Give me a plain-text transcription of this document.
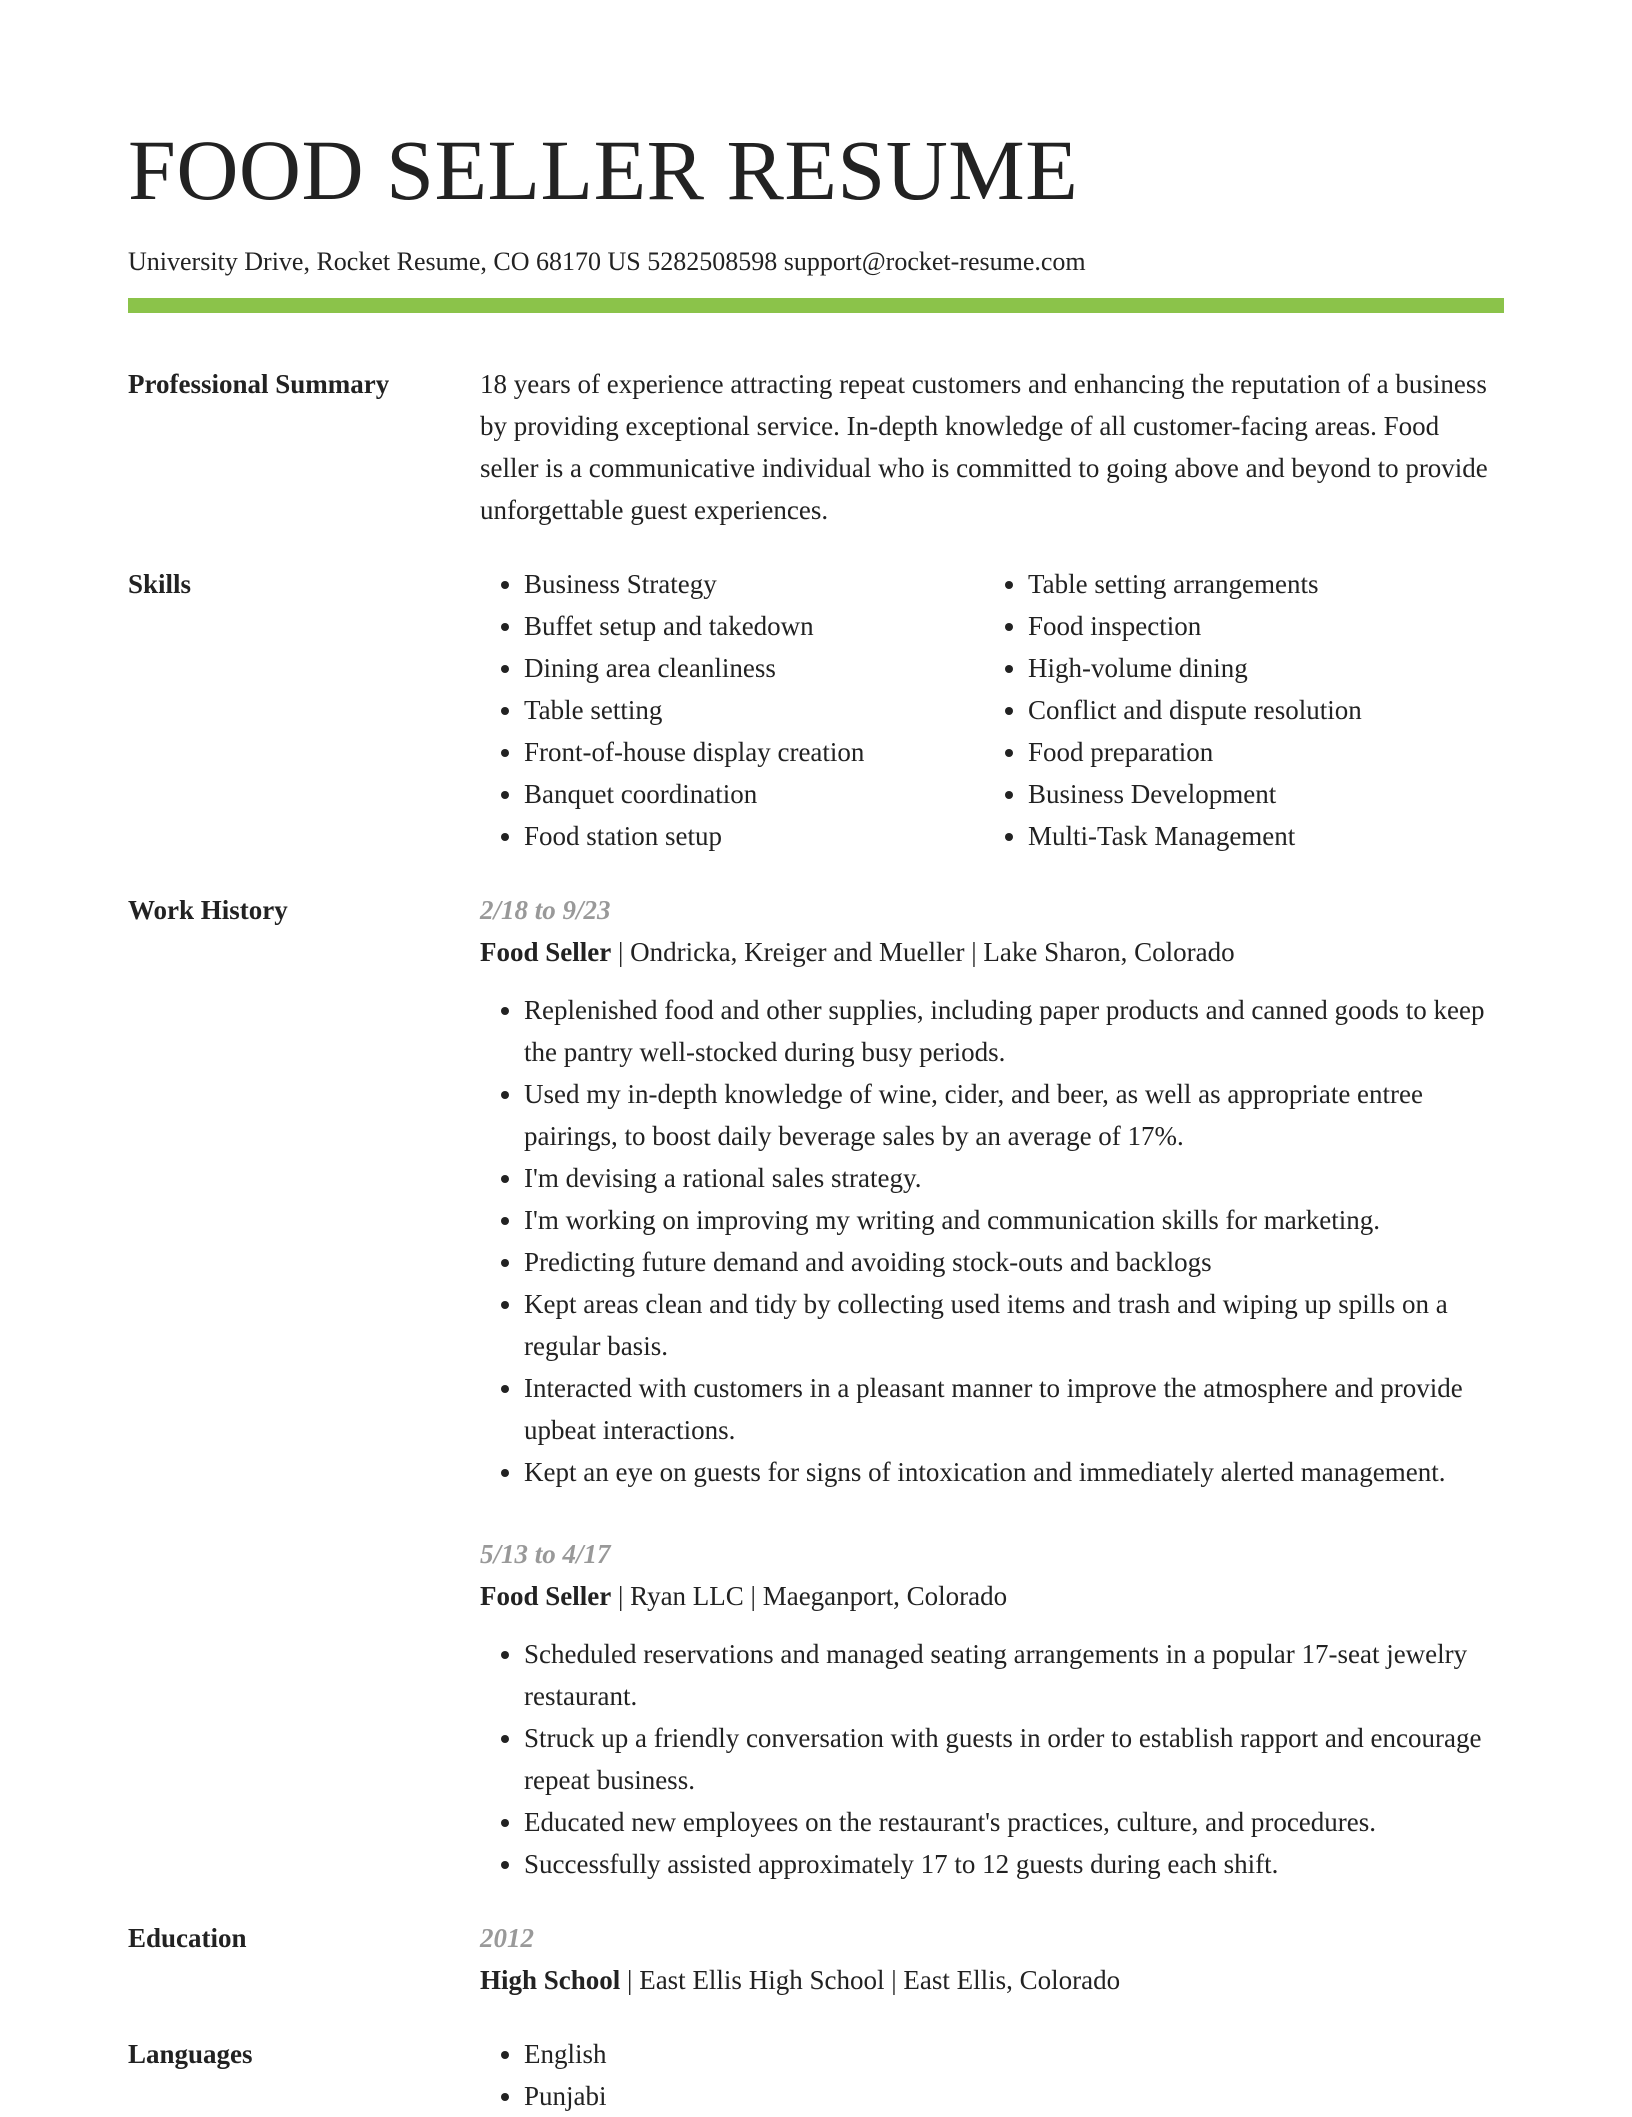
FOOD SELLER RESUME
University Drive, Rocket Resume, CO 68170 US 5282508598 support@rocket-resume.com
Professional Summary	18 years of experience attracting repeat customers and enhancing the reputation of a business by providing exceptional service. In-depth knowledge of all customer-facing areas. Food seller is a communicative individual who is committed to going above and beyond to provide unforgettable guest experiences.

Skills	• Business Strategy
• Buffet setup and takedown
• Dining area cleanliness
• Table setting
• Front-of-house display creation
• Banquet coordination
• Food station setup
• Table setting arrangements
• Food inspection
• High-volume dining
• Conflict and dispute resolution
• Food preparation
• Business Development
• Multi-Task Management
Work History	2/18 to 9/23
Food Seller | Ondricka, Kreiger and Mueller | Lake Sharon, Colorado
• Replenished food and other supplies, including paper products and canned goods to keep the pantry well-stocked during busy periods.
• Used my in-depth knowledge of wine, cider, and beer, as well as appropriate entree pairings, to boost daily beverage sales by an average of 17%.
• I'm devising a rational sales strategy.
• I'm working on improving my writing and communication skills for marketing.
• Predicting future demand and avoiding stock-outs and backlogs
• Kept areas clean and tidy by collecting used items and trash and wiping up spills on a regular basis.
• Interacted with customers in a pleasant manner to improve the atmosphere and provide upbeat interactions.
• Kept an eye on guests for signs of intoxication and immediately alerted management.
5/13 to 4/17
Food Seller | Ryan LLC | Maeganport, Colorado
• Scheduled reservations and managed seating arrangements in a popular 17-seat jewelry restaurant.
• Struck up a friendly conversation with guests in order to establish rapport and encourage repeat business.
• Educated new employees on the restaurant's practices, culture, and procedures.
• Successfully assisted approximately 17 to 12 guests during each shift.
Education	2012
High School | East Ellis High School | East Ellis, Colorado
Languages	• English
• Punjabi
